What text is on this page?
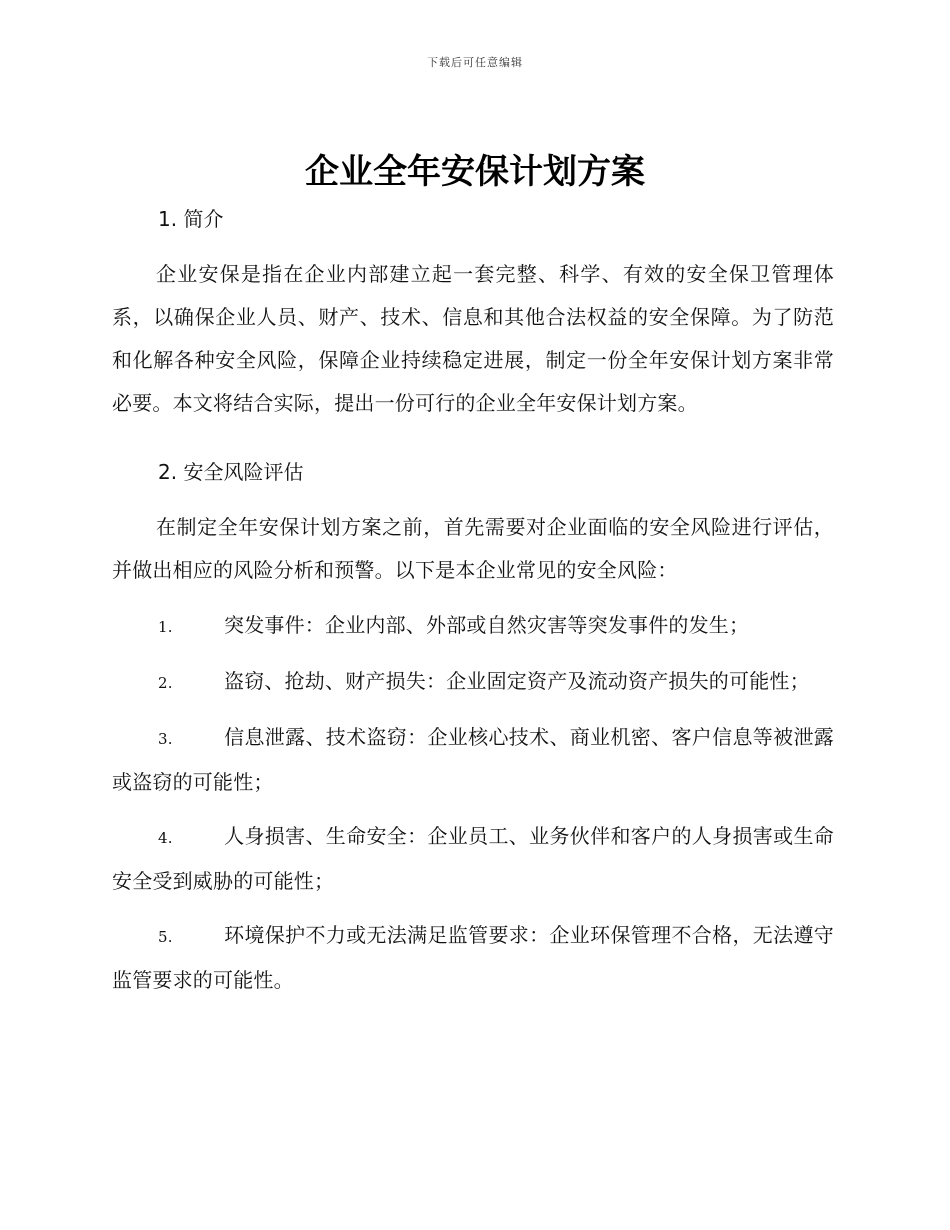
下载后可任意编辑
企业全年安保计划方案
1. 简介

企业安保是指在企业内部建立起一套完整、科学、有效的安全保卫管理体系，以确保企业人员、财产、技术、信息和其他合法权益的安全保障。为了防范和化解各种安全风险，保障企业持续稳定进展，制定一份全年安保计划方案非常必要。本文将结合实际，提出一份可行的企业全年安保计划方案。

2. 安全风险评估

在制定全年安保计划方案之前，首先需要对企业面临的安全风险进行评估，并做出相应的风险分析和预警。以下是本企业常见的安全风险：

1.	突发事件：企业内部、外部或自然灾害等突发事件的发生；
2.	盗窃、抢劫、财产损失：企业固定资产及流动资产损失的可能性；
3.	信息泄露、技术盗窃：企业核心技术、商业机密、客户信息等被泄露或盗窃的可能性；
4.	人身损害、生命安全：企业员工、业务伙伴和客户的人身损害或生命安全受到威胁的可能性；
5.	环境保护不力或无法满足监管要求：企业环保管理不合格，无法遵守监管要求的可能性。
